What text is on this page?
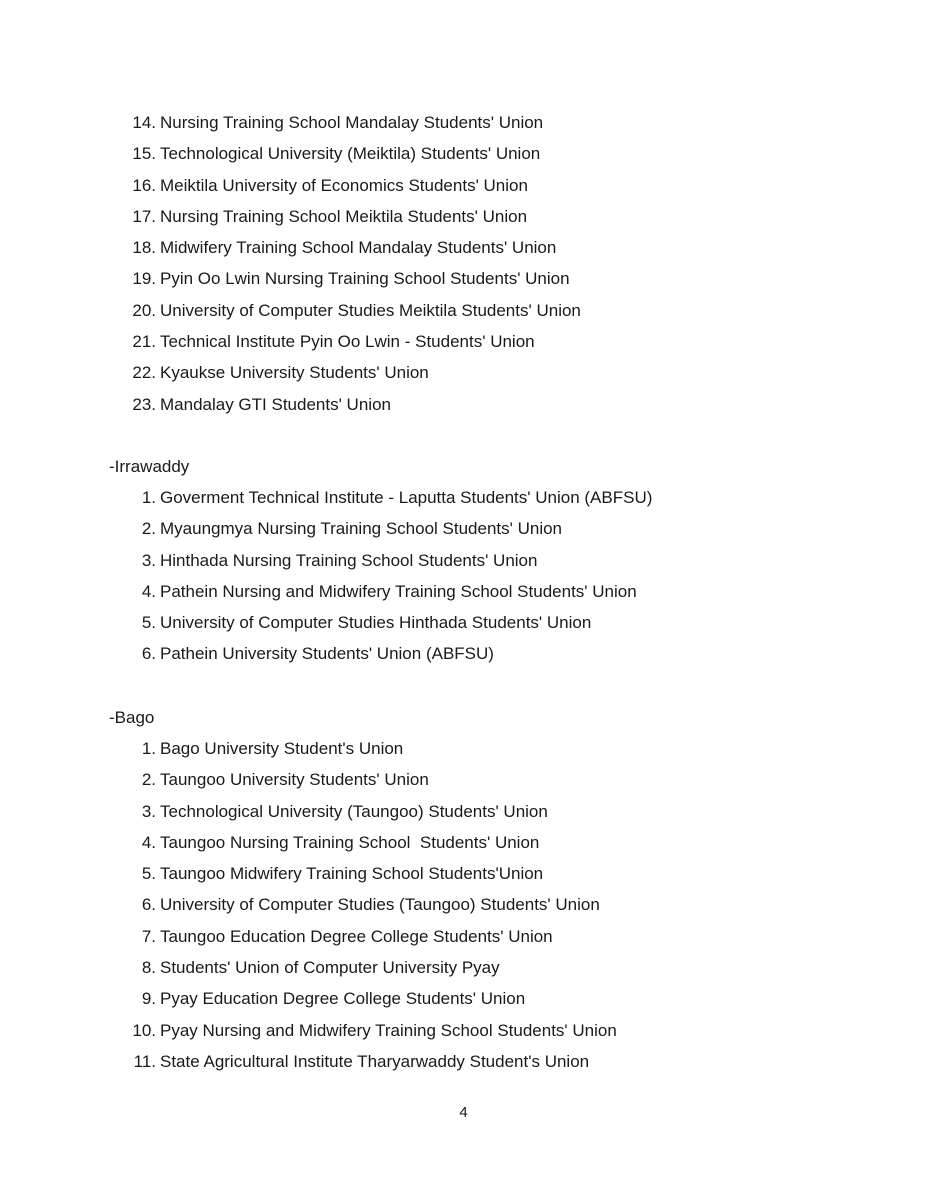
14. Nursing Training School Mandalay Students' Union
15. Technological University (Meiktila) Students' Union
16. Meiktila University of Economics Students' Union
17. Nursing Training School Meiktila Students' Union
18. Midwifery Training School Mandalay Students' Union
19. Pyin Oo Lwin Nursing Training School Students' Union
20. University of Computer Studies Meiktila Students' Union
21. Technical Institute Pyin Oo Lwin - Students' Union
22. Kyaukse University Students' Union
23. Mandalay GTI Students' Union
-Irrawaddy
1. Goverment Technical Institute - Laputta Students' Union (ABFSU)
2. Myaungmya Nursing Training School Students' Union
3. Hinthada Nursing Training School Students' Union
4. Pathein Nursing and Midwifery Training School Students' Union
5. University of Computer Studies Hinthada Students' Union
6. Pathein University Students' Union (ABFSU)
-Bago
1. Bago University Student's Union
2. Taungoo University Students' Union
3. Technological University (Taungoo) Students' Union
4. Taungoo Nursing Training School  Students' Union
5. Taungoo Midwifery Training School Students'Union
6. University of Computer Studies (Taungoo) Students' Union
7. Taungoo Education Degree College Students' Union
8. Students' Union of Computer University Pyay
9. Pyay Education Degree College Students' Union
10. Pyay Nursing and Midwifery Training School Students' Union
11. State Agricultural Institute Tharyarwaddy Student's Union
4
